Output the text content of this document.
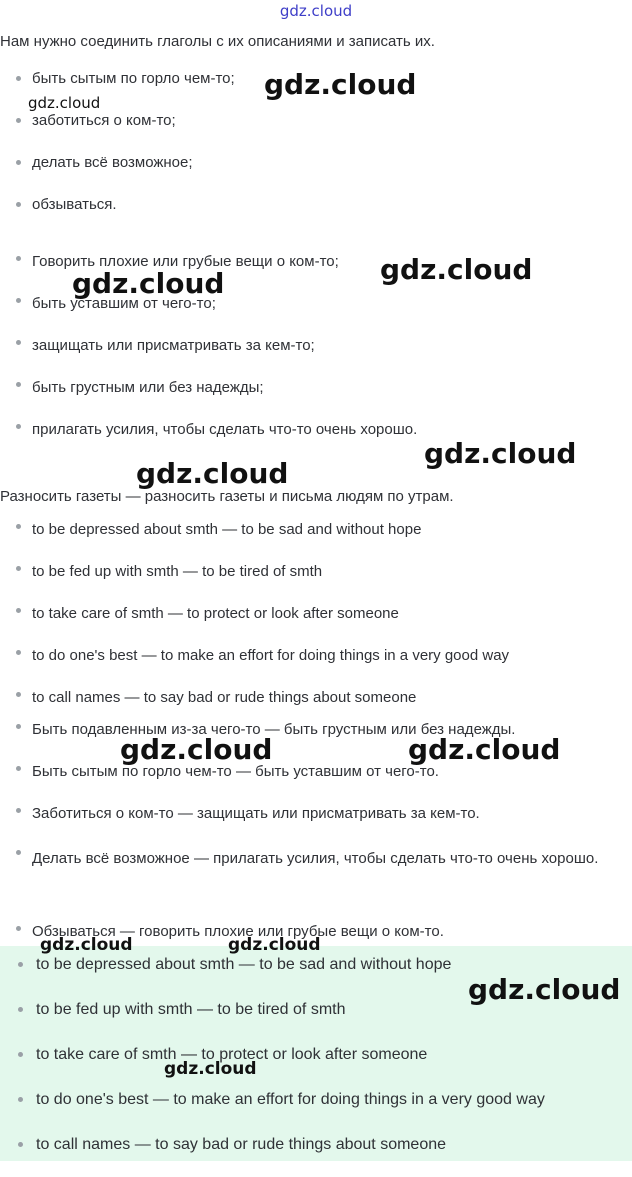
gdz.cloud

Нам нужно соединить глаголы с их описаниями и записать их.

быть сытым по горло чем-то;
заботиться о ком-то;
делать всё возможное;
обзываться.
Говорить плохие или грубые вещи о ком-то;
быть уставшим от чего-то;
защищать или присматривать за кем-то;
быть грустным или без надежды;
прилагать усилия, чтобы сделать что-то очень хорошо.

Разносить газеты — разносить газеты и письма людям по утрам.

to be depressed about smth — to be sad and without hope
to be fed up with smth — to be tired of smth
to take care of smth — to protect or look after someone
to do one's best — to make an effort for doing things in a very good way
to call names — to say bad or rude things about someone
Быть подавленным из-за чего-то — быть грустным или без надежды.
Быть сытым по горло чем-то — быть уставшим от чего-то.
Заботиться о ком-то — защищать или присматривать за кем-то.
Делать всё возможное — прилагать усилия, чтобы сделать что-то очень хорошо.
Обзываться — говорить плохие или грубые вещи о ком-то.
to be depressed about smth — to be sad and without hope
to be fed up with smth — to be tired of smth
to take care of smth — to protect or look after someone
to do one's best — to make an effort for doing things in a very good way
to call names — to say bad or rude things about someone
gdz.cloud
gdz.cloud
gdz.cloud
gdz.cloud
gdz.cloud
gdz.cloud
gdz.cloud	gdz.cloud
gdz.cloud	gdz.cloud
gdz.cloud
gdz.cloud
